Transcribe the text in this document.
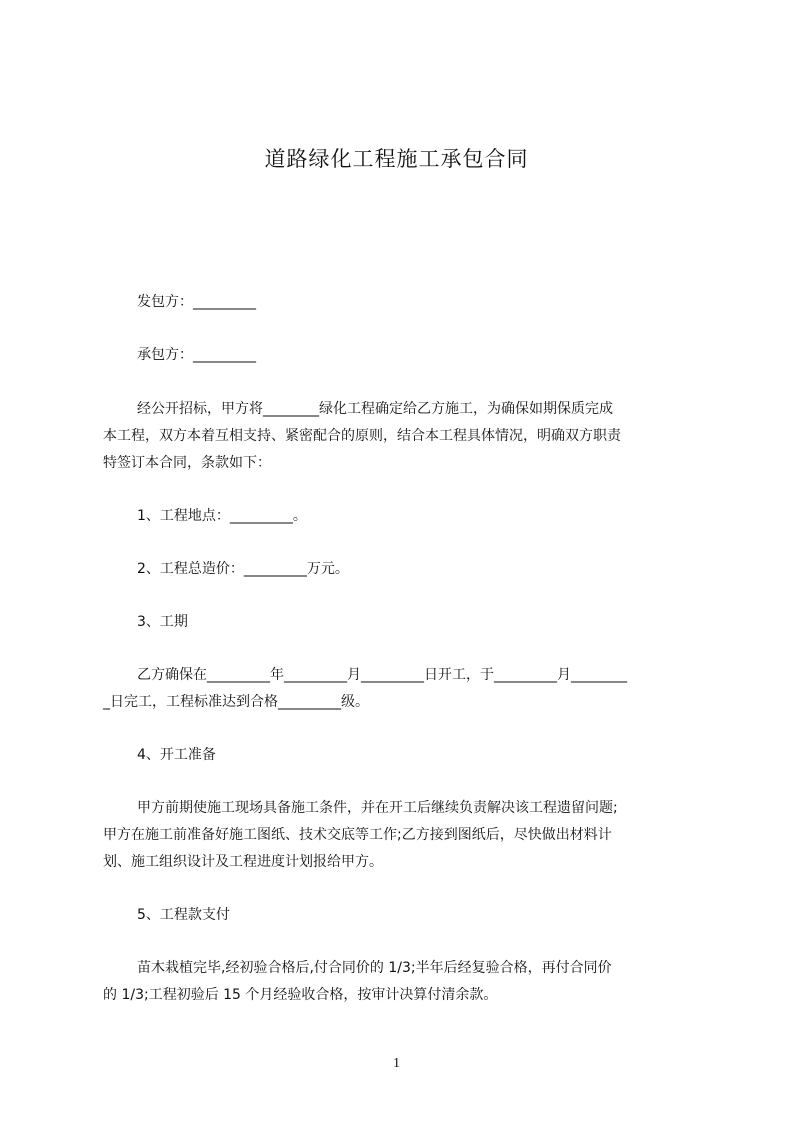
道路绿化工程施工承包合同
发包方：_________
承包方：_________
经公开招标，甲方将________绿化工程确定给乙方施工，为确保如期保质完成
本工程，双方本着互相支持、紧密配合的原则，结合本工程具体情况，明确双方职责
特签订本合同，条款如下：
1、工程地点：_________。
2、工程总造价：_________万元。
3、工期
乙方确保在_________年_________月_________日开工，于_________月________
_日完工，工程标准达到合格_________级。
4、开工准备
甲方前期使施工现场具备施工条件，并在开工后继续负责解决该工程遗留问题;
甲方在施工前准备好施工图纸、技术交底等工作;乙方接到图纸后，尽快做出材料计
划、施工组织设计及工程进度计划报给甲方。
5、工程款支付
苗木栽植完毕,经初验合格后,付合同价的 1/3;半年后经复验合格，再付合同价
的 1/3;工程初验后 15 个月经验收合格，按审计决算付清余款。
1
